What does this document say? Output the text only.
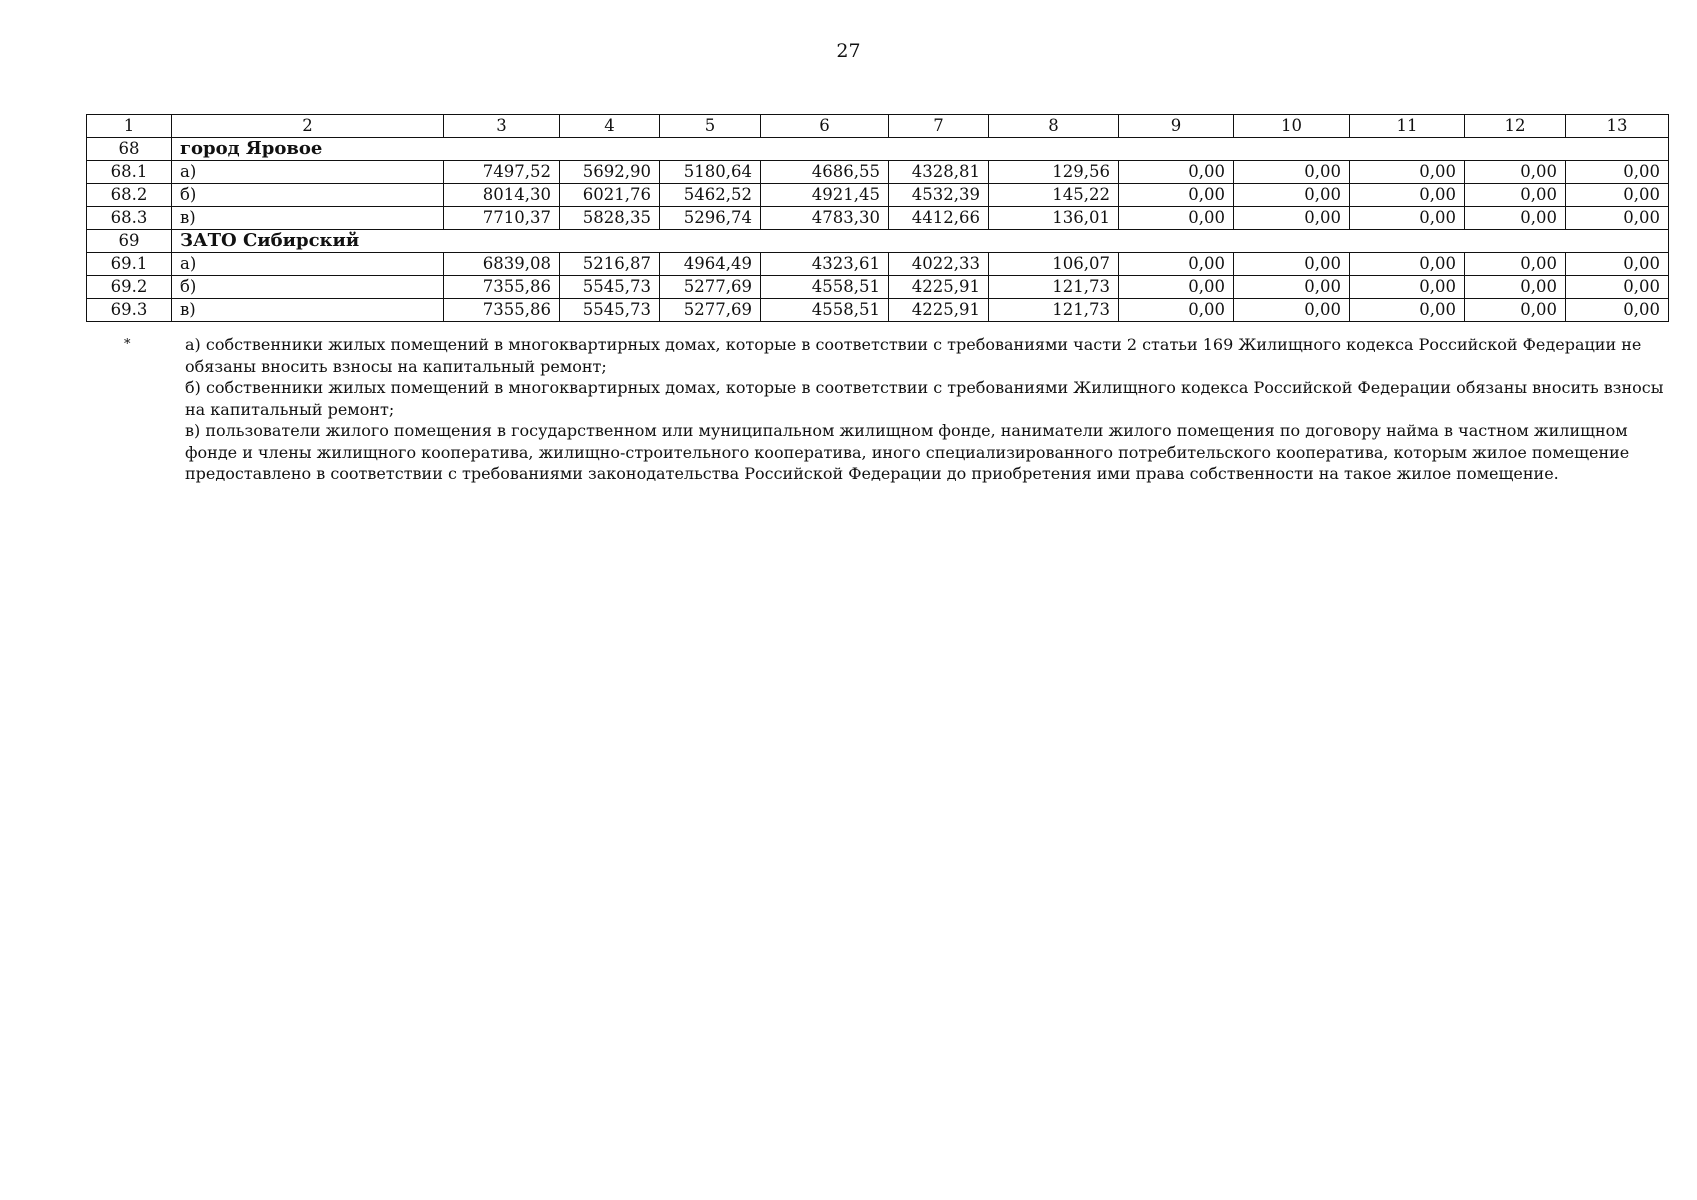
27
1	2	3	4	5	6	7	8	9	10	11	12	13
68	город Яровое											
68.1	а)	7497,52	5692,90	5180,64	4686,55	4328,81	129,56	0,00	0,00	0,00	0,00	0,00
68.2	б)	8014,30	6021,76	5462,52	4921,45	4532,39	145,22	0,00	0,00	0,00	0,00	0,00
68.3	в)	7710,37	5828,35	5296,74	4783,30	4412,66	136,01	0,00	0,00	0,00	0,00	0,00
69	ЗАТО Сибирский											
69.1	а)	6839,08	5216,87	4964,49	4323,61	4022,33	106,07	0,00	0,00	0,00	0,00	0,00
69.2	б)	7355,86	5545,73	5277,69	4558,51	4225,91	121,73	0,00	0,00	0,00	0,00	0,00
69.3	в)	7355,86	5545,73	5277,69	4558,51	4225,91	121,73	0,00	0,00	0,00	0,00	0,00
*	а) собственники жилых помещений в многоквартирных домах, которые в соответствии с требованиями части 2 статьи 169 Жилищного кодекса Российской Федерации не обязаны вносить взносы на капитальный ремонт;
б) собственники жилых помещений в многоквартирных домах, которые в соответствии с требованиями Жилищного кодекса Российской Федерации обязаны вносить взносы на капитальный ремонт;
в) пользователи жилого помещения в государственном или муниципальном жилищном фонде, наниматели жилого помещения по договору найма в частном жилищном фонде и члены жилищного кооператива, жилищно-строительного кооператива, иного специализированного потребительского кооператива, которым жилое помещение предоставлено в соответствии с требованиями законодательства Российской Федерации до приобретения ими права собственности на такое жилое помещение.
